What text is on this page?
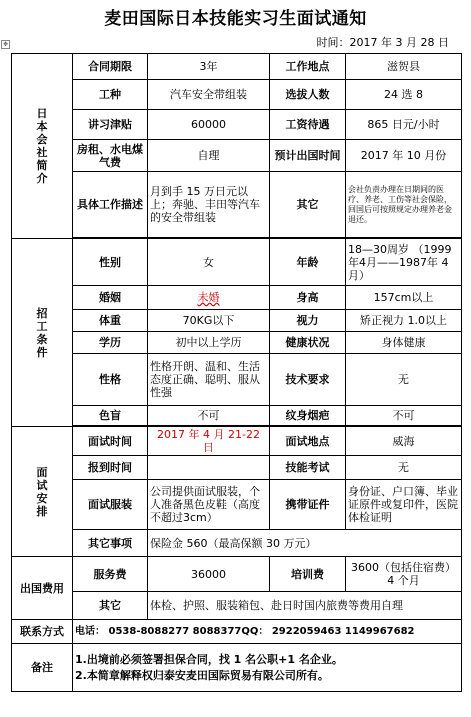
麦田国际日本技能实习生面试通知
时间：2017 年 3 月 28 日
✥
日本会社简介	合同期限	3年	工作地点	滋贺县
	工种	汽车安全带组装	选拔人数	24 选 8
	讲习津贴	60000	工资待遇	865 日元/小时
	房租、水电煤气费	自理	预计出国时间	2017 年 10 月份
	具体工作描述	月到手 15 万日元以上；奔驰、丰田等汽车的安全带组装	其它	会社负责办理在日期间的医疗、养老、工伤等社会保险，回国后可按照规定办理养老金退还。

招工条件	性别	女	年龄	18—30周岁 （1999年4月——1987年 4月）
	婚姻	未婚	身高	157cm以上
	体重	70KG以下	视力	矫正视力 1.0以上
	学历	初中以上学历	健康状况	身体健康
	性格	性格开朗、温和、生活态度正确、聪明、服从性强	技术要求	无
	色盲	不可	纹身烟疤	不可

面试安排	面试时间	2017 年 4 月 21-22 日	面试地点	威海
	报到时间		技能考试	无
	面试服装	公司提供面试服装，个人准备黑色皮鞋（高度不超过3cm）	携带证件	身份证、户口簿、毕业证原件或复印件，医院体检证明
	其它事项	保险金 560（最高保额 30 万元）		
出国费用	服务费	36000	培训费	3600（包括住宿费）4 个月
	其它	体检、护照、服装箱包、赴日时国内旅费等费用自理		
联系方式	电话： 0538-8088277 8088377QQ： 2922059463 1149967682			
备注	1.出境前必须签署担保合同，找 1 名公职+1 名企业。
2.本简章解释权归泰安麦田国际贸易有限公司所有。			
